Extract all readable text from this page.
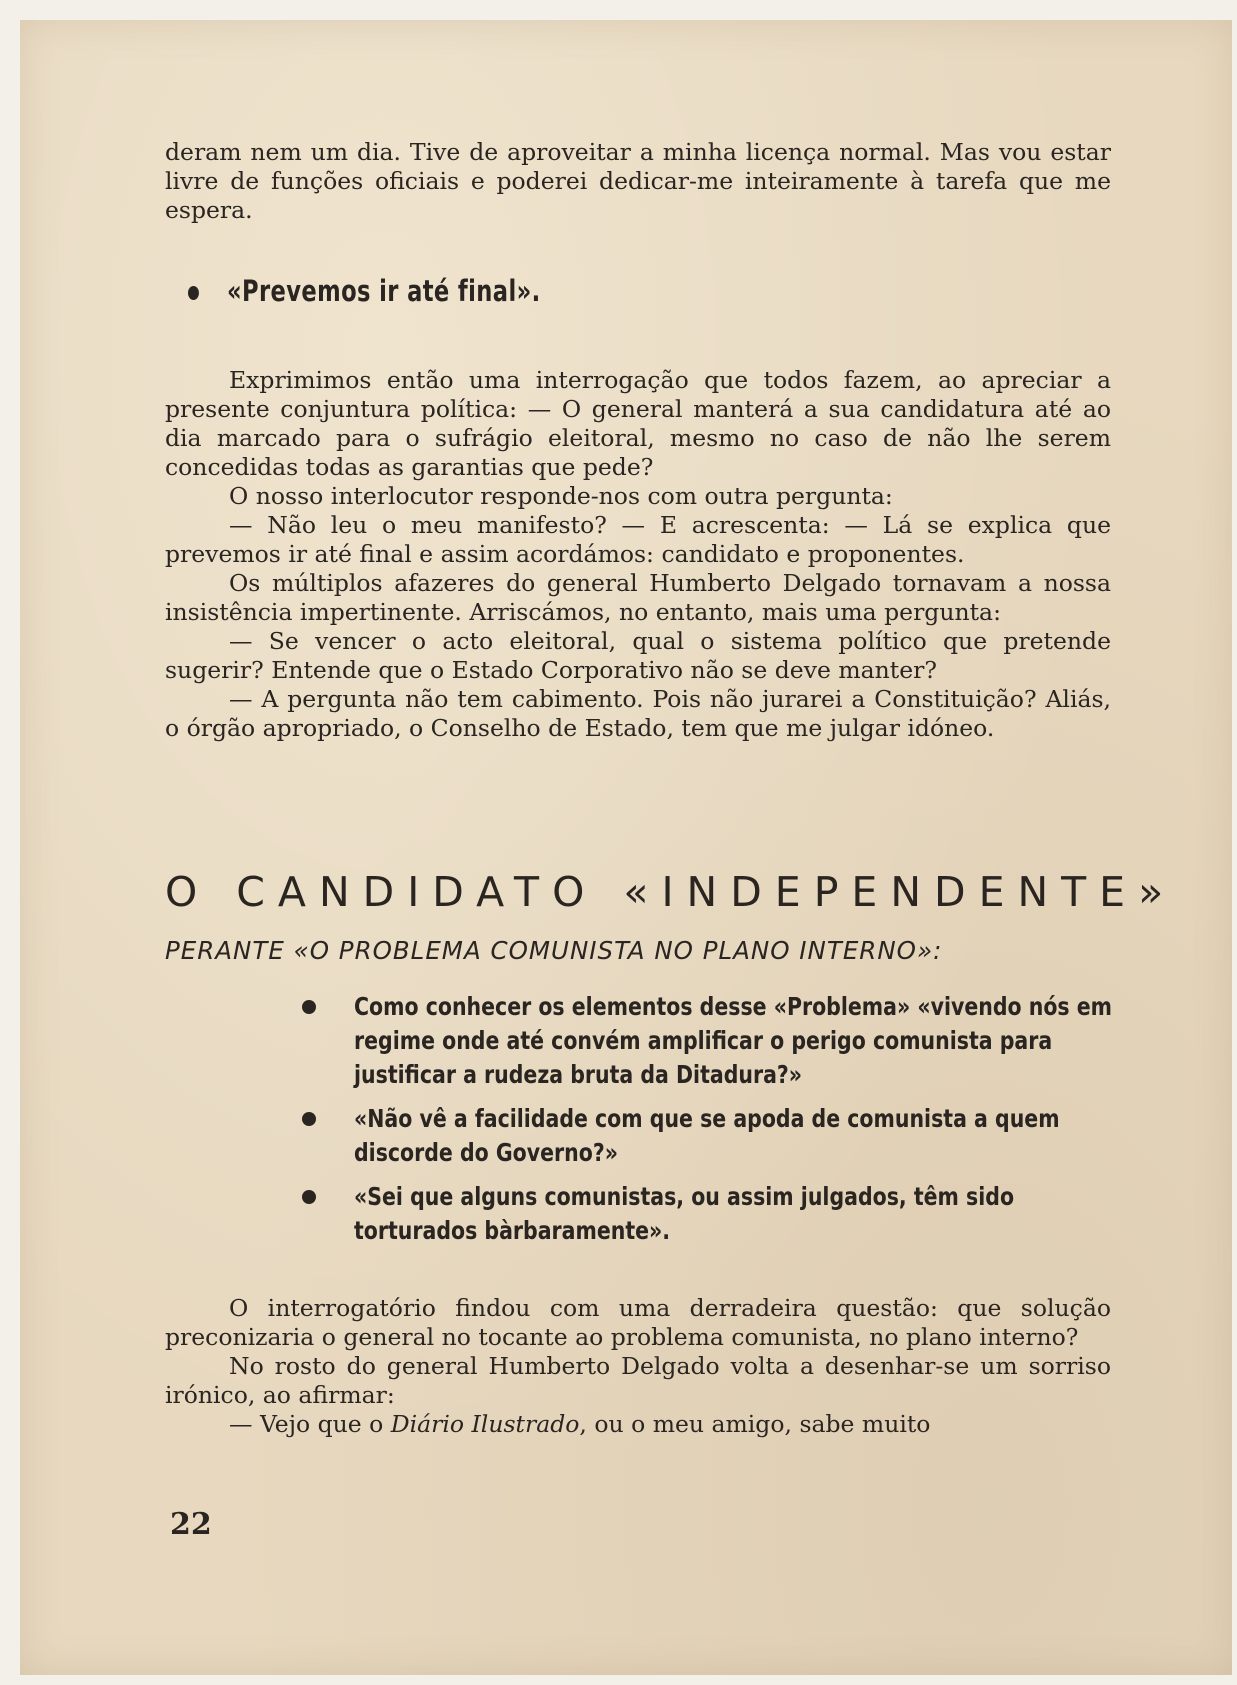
deram nem um dia. Tive de aproveitar a minha licença normal. Mas vou estar livre de funções oficiais e poderei dedicar-me inteiramente à tarefa que me espera.

«Prevemos ir até final».

Exprimimos então uma interrogação que todos fazem, ao apreciar a presente conjuntura política: — O general manterá a sua candidatura até ao dia marcado para o sufrágio eleitoral, mesmo no caso de não lhe serem concedidas todas as garantias que pede?

O nosso interlocutor responde-nos com outra pergunta:

— Não leu o meu manifesto? — E acrescenta: — Lá se explica que prevemos ir até final e assim acordámos: candidato e proponentes.

Os múltiplos afazeres do general Humberto Delgado tornavam a nossa insistência impertinente. Arriscámos, no entanto, mais uma pergunta:

— Se vencer o acto eleitoral, qual o sistema político que pretende sugerir? Entende que o Estado Corporativo não se deve manter?

— A pergunta não tem cabimento. Pois não jurarei a Constituição? Aliás, o órgão apropriado, o Conselho de Estado, tem que me julgar idóneo.

O CANDIDATO «INDEPENDENTE»
PERANTE «O PROBLEMA COMUNISTA NO PLANO INTERNO»:
Como conhecer os elementos desse «Problema» «vivendo nós em regime onde até convém amplificar o perigo comunista para justificar a rudeza bruta da Ditadura?»
«Não vê a facilidade com que se apoda de comunista a quem discorde do Governo?»
«Sei que alguns comunistas, ou assim julgados, têm sido torturados bàrbaramente».

O interrogatório findou com uma derradeira questão: que solução preconizaria o general no tocante ao problema comunista, no plano interno?

No rosto do general Humberto Delgado volta a desenhar-se um sorriso irónico, ao afirmar:

— Vejo que o Diário Ilustrado, ou o meu amigo, sabe muito

22
